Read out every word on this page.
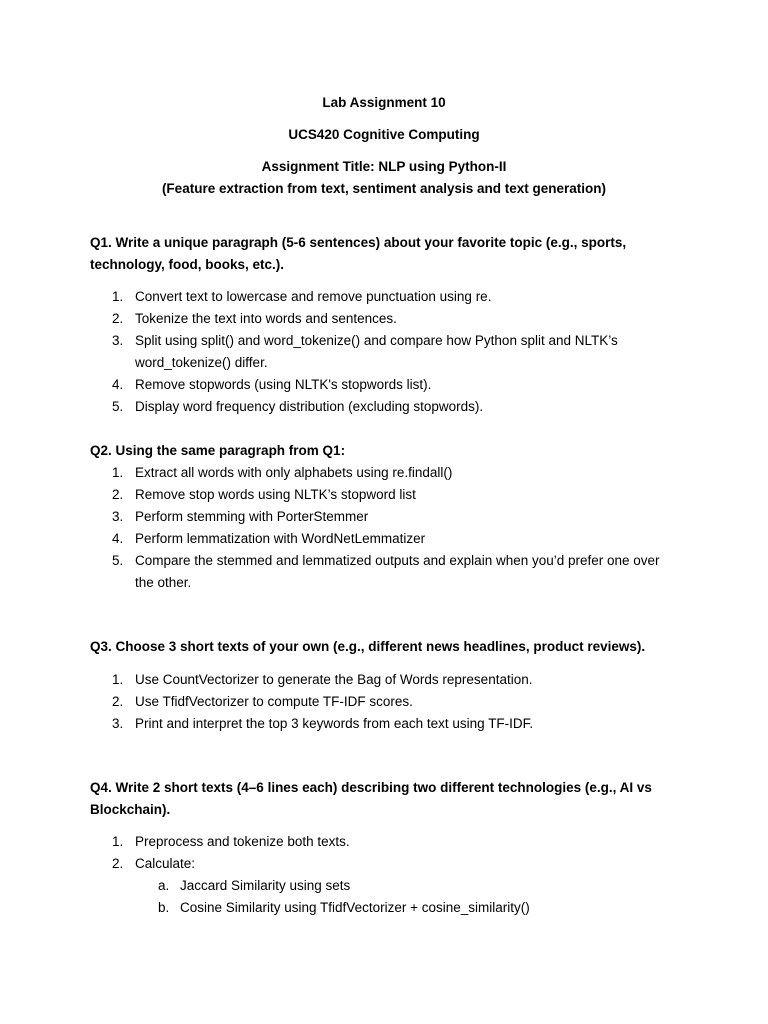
Lab Assignment 10
UCS420 Cognitive Computing
Assignment Title: NLP using Python-II
(Feature extraction from text, sentiment analysis and text generation)
Q1. Write a unique paragraph (5-6 sentences) about your favorite topic (e.g., sports,
technology, food, books, etc.).
1. Convert text to lowercase and remove punctuation using re.
2. Tokenize the text into words and sentences.
3. Split using split() and word_tokenize() and compare how Python split and NLTK’s
word_tokenize() differ.
4. Remove stopwords (using NLTK's stopwords list).
5. Display word frequency distribution (excluding stopwords).
Q2. Using the same paragraph from Q1:
1. Extract all words with only alphabets using re.findall()
2. Remove stop words using NLTK’s stopword list
3. Perform stemming with PorterStemmer
4. Perform lemmatization with WordNetLemmatizer
5. Compare the stemmed and lemmatized outputs and explain when you’d prefer one over
the other.
Q3. Choose 3 short texts of your own (e.g., different news headlines, product reviews).
1. Use CountVectorizer to generate the Bag of Words representation.
2. Use TfidfVectorizer to compute TF-IDF scores.
3. Print and interpret the top 3 keywords from each text using TF-IDF.
Q4. Write 2 short texts (4–6 lines each) describing two different technologies (e.g., AI vs
Blockchain).
1. Preprocess and tokenize both texts.
2. Calculate:
a. Jaccard Similarity using sets
b. Cosine Similarity using TfidfVectorizer + cosine_similarity()
